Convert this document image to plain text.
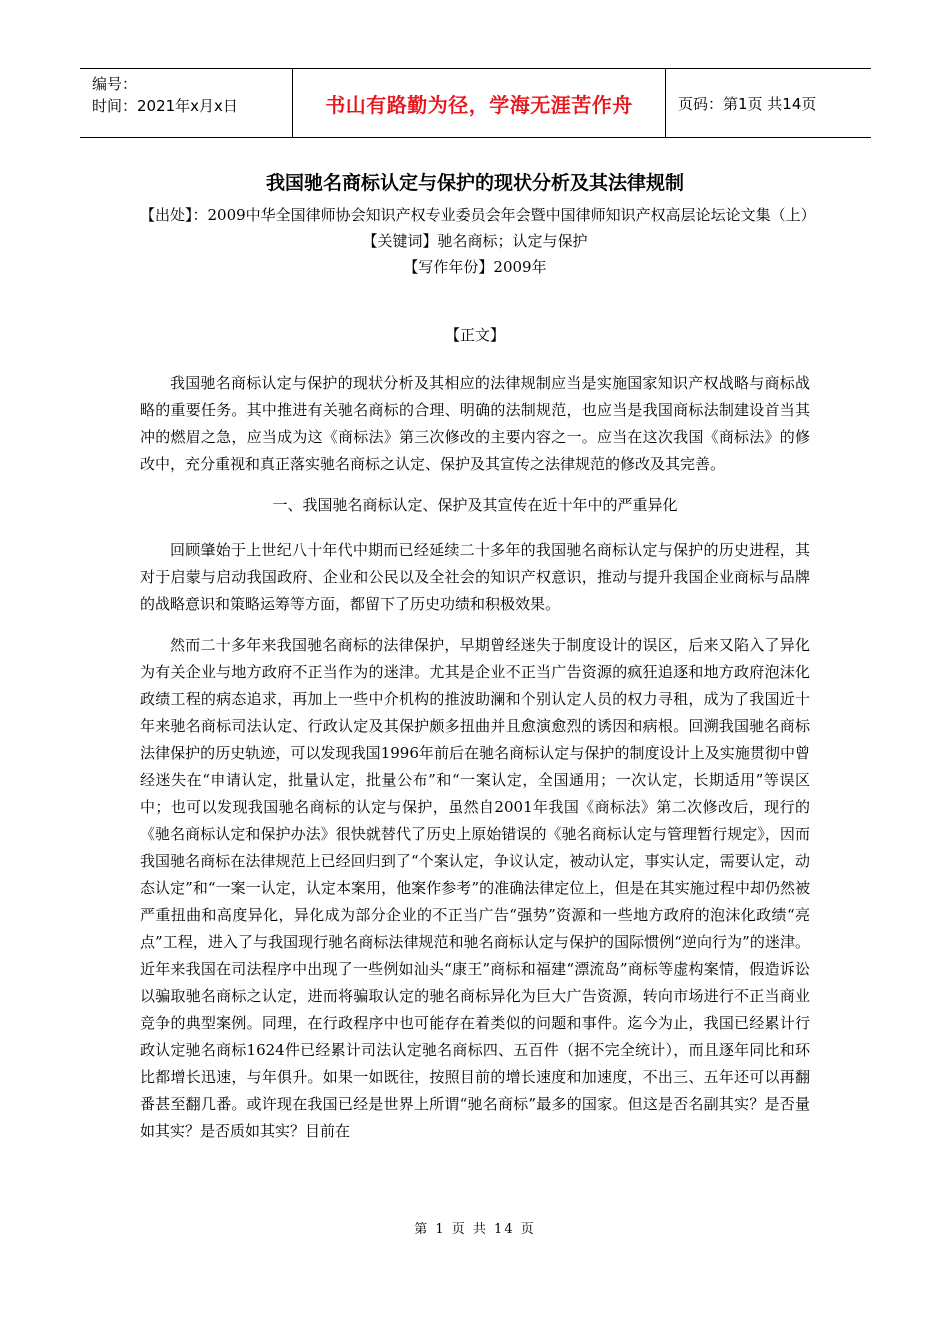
编号：
时间：2021年x月x日	书山有路勤为径，学海无涯苦作舟	页码：第1页 共14页
我国驰名商标认定与保护的现状分析及其法律规制

【出处】：2009中华全国律师协会知识产权专业委员会年会暨中国律师知识产权高层论坛论文集（上）

【关键词】驰名商标；认定与保护

【写作年份】2009年

【正文】

我国驰名商标认定与保护的现状分析及其相应的法律规制应当是实施国家知识产权战略与商标战略的重要任务。其中推进有关驰名商标的合理、明确的法制规范，也应当是我国商标法制建设首当其冲的燃眉之急，应当成为这《商标法》第三次修改的主要内容之一。应当在这次我国《商标法》的修改中，充分重视和真正落实驰名商标之认定、保护及其宣传之法律规范的修改及其完善。

一、我国驰名商标认定、保护及其宣传在近十年中的严重异化

回顾肇始于上世纪八十年代中期而已经延续二十多年的我国驰名商标认定与保护的历史进程，其对于启蒙与启动我国政府、企业和公民以及全社会的知识产权意识，推动与提升我国企业商标与品牌的战略意识和策略运筹等方面，都留下了历史功绩和积极效果。

然而二十多年来我国驰名商标的法律保护，早期曾经迷失于制度设计的误区，后来又陷入了异化为有关企业与地方政府不正当作为的迷津。尤其是企业不正当广告资源的疯狂追逐和地方政府泡沫化政绩工程的病态追求，再加上一些中介机构的推波助澜和个别认定人员的权力寻租，成为了我国近十年来驰名商标司法认定、行政认定及其保护颇多扭曲并且愈演愈烈的诱因和病根。回溯我国驰名商标法律保护的历史轨迹，可以发现我国1996年前后在驰名商标认定与保护的制度设计上及实施贯彻中曾经迷失在“申请认定，批量认定，批量公布”和“一案认定，全国通用；一次认定，长期适用”等误区中；也可以发现我国驰名商标的认定与保护，虽然自2001年我国《商标法》第二次修改后，现行的《驰名商标认定和保护办法》很快就替代了历史上原始错误的《驰名商标认定与管理暂行规定》，因而我国驰名商标在法律规范上已经回归到了“个案认定，争议认定，被动认定，事实认定，需要认定，动态认定”和“一案一认定，认定本案用，他案作参考”的准确法律定位上，但是在其实施过程中却仍然被严重扭曲和高度异化，异化成为部分企业的不正当广告“强势”资源和一些地方政府的泡沫化政绩“亮点”工程，进入了与我国现行驰名商标法律规范和驰名商标认定与保护的国际惯例“逆向行为”的迷津。近年来我国在司法程序中出现了一些例如汕头“康王”商标和福建“漂流岛”商标等虚构案情，假造诉讼以骗取驰名商标之认定，进而将骗取认定的驰名商标异化为巨大广告资源，转向市场进行不正当商业竞争的典型案例。同理，在行政程序中也可能存在着类似的问题和事件。迄今为止，我国已经累计行政认定驰名商标1624件已经累计司法认定驰名商标四、五百件（据不完全统计），而且逐年同比和环比都增长迅速，与年俱升。如果一如既往，按照目前的增长速度和加速度，不出三、五年还可以再翻番甚至翻几番。或许现在我国已经是世界上所谓“驰名商标”最多的国家。但这是否名副其实？是否量如其实？是否质如其实？目前在

第 1 页 共 14 页
